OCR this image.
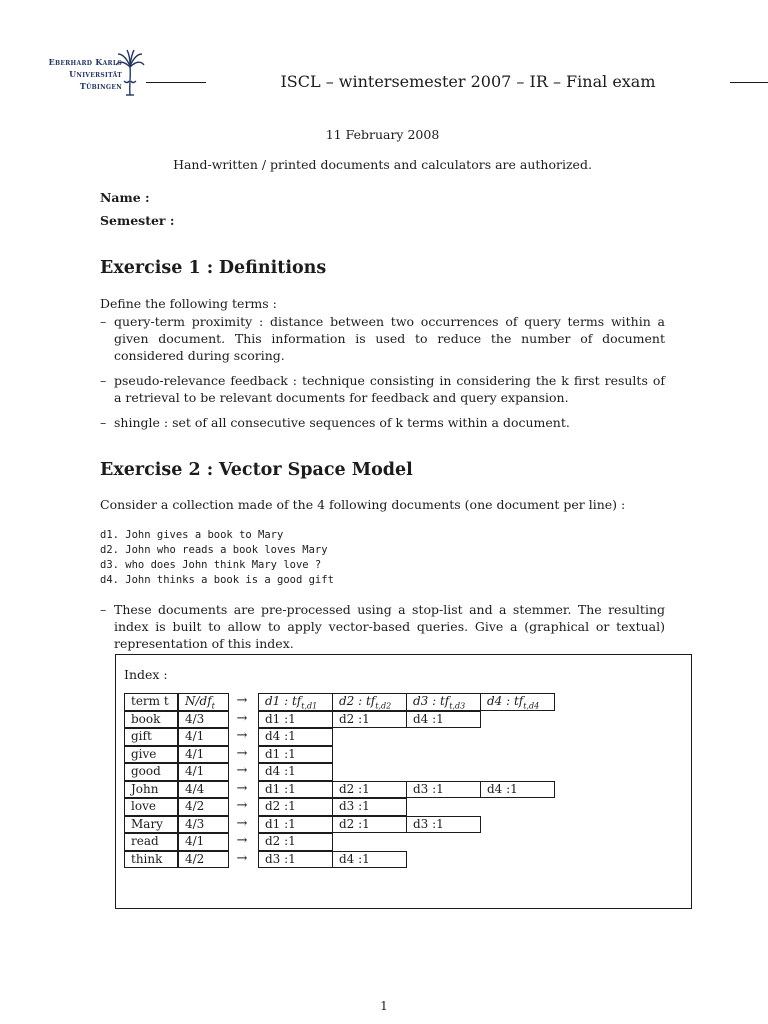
Eberhard Karls
Universität
Tübingen	ISCL – wintersemester 2007 – IR – Final exam
11 February 2008
Hand-written / printed documents and calculators are authorized.
Name :
Semester :
Exercise 1 : Definitions
Define the following terms :
– query-term proximity : distance between two occurrences of query terms within a given document. This information is used to reduce the number of document considered during scoring.
– pseudo-relevance feedback : technique consisting in considering the k first results of a retrieval to be relevant documents for feedback and query expansion.
– shingle : set of all consecutive sequences of k terms within a document.
Exercise 2 : Vector Space Model
Consider a collection made of the 4 following documents (one document per line) :
d1. John gives a book to Mary
d2. John who reads a book loves Mary
d3. who does John think Mary love ?
d4. John thinks a book is a good gift
– These documents are pre-processed using a stop-list and a stemmer. The resulting index is built to allow to apply vector-based queries. Give a (graphical or textual) representation of this index.
Index :
term t	$N/df_t$	→	d1 : $tf_{t,d1}$	d2 : $tf_{t,d2}$	d3 : $tf_{t,d3}$	d4 : $tf_{t,d4}$
book	4/3	→	d1 :1	d2 :1	d4 :1
gift	4/1	→	d4 :1
give	4/1	→	d1 :1
good	4/1	→	d4 :1
John	4/4	→	d1 :1	d2 :1	d3 :1	d4 :1
love	4/2	→	d2 :1	d3 :1
Mary	4/3	→	d1 :1	d2 :1	d3 :1
read	4/1	→	d2 :1
think	4/2	→	d3 :1	d4 :1
1
